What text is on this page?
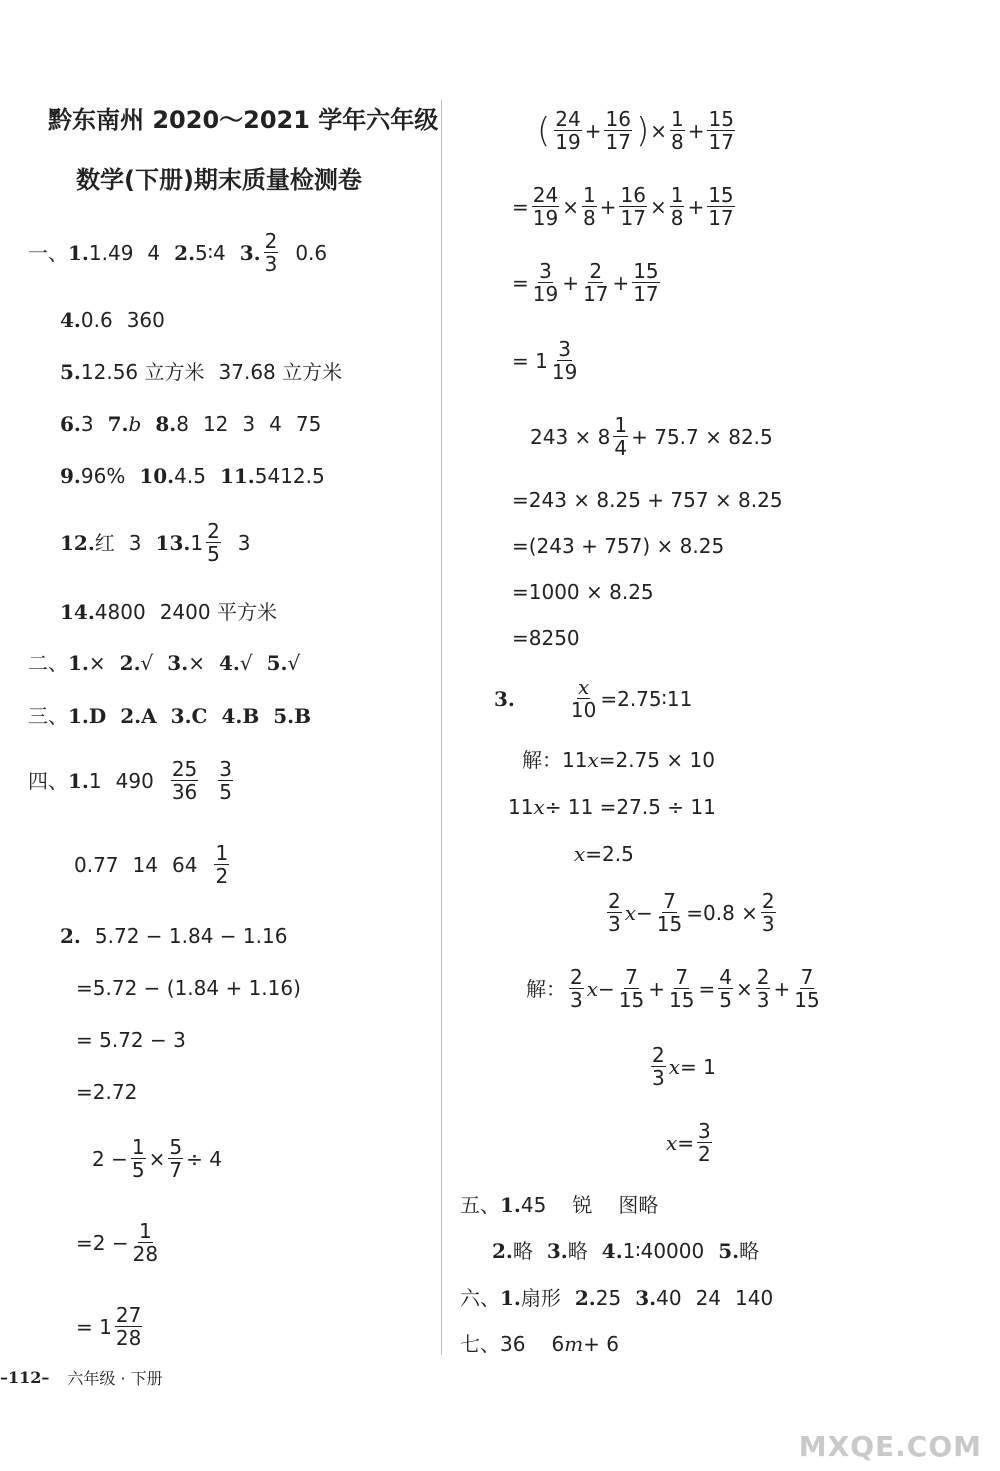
黔东南州 2020～2021 学年六年级
数学(下册)期末质量检测卷
一、 1. 1.49 4 2. 5∶4 3. $\frac{2}{3} 0.6$
4. 0.6 360
5. 12.56 立方米 37.68 立方米
6. 3 7. b 8. 8 12 3 4 75
9. 96% 10. 4.5 11. 5412.5
12. 红 3 13. $1 \frac{2}{5} 3$
14. 4800 2400 平方米
二、 1. × 2. √ 3. × 4. √ 5. √
三、 1. D 2. A 3. C 4. B 5. B
四、 1. 1 $490 \frac{25}{36} \frac{3}{5}$
0.77 14 $64 \frac{1}{2}$
2. 5.72 − 1.84 − 1.16
=5.72 − (1.84 + 1.16)
= 5.72 − 3
=2.72
$2 - \frac{1}{5} \times \frac{5}{7} \div 4$
$=2 - \frac{1}{28}$
= $1 \frac{27}{28}$
( $\frac{24}{19} + \frac{16}{17}$ ) × $\frac{1}{8} + \frac{15}{17}$
= $\frac{24}{19} \times \frac{1}{8} + \frac{16}{17} \times \frac{1}{8} + \frac{15}{17}$
= $\frac{3}{19} + \frac{2}{17} + \frac{15}{17}$
= $1 \frac{3}{19}$
$243 \times 8 \frac{1}{4} + 75.7 \times 82.5$
=243 × 8.25 + 757 × 8.25
=(243 + 757) × 8.25
=1000 × 8.25
=8250
3.	$\frac{x}{10}$ =2.75∶11
解：11 x =2.75 × 10
11 x ÷ 11 =27.5 ÷ 11
x =2.5
$\frac{2}{3}$ $x - \frac{7}{15} =0.8 \times \frac{2}{3}$
解： $\frac{2}{3}$ $x - \frac{7}{15} + \frac{7}{15} = \frac{4}{5} \times \frac{2}{3} + \frac{7}{15}$
$\frac{2}{3}$ x = 1
$x = \frac{3}{2}$
五、 1. 45 锐 图略
2. 略 3. 略 4. 1∶40000 5. 略
六、 1. 扇形 2. 25 3. 40 24 140
七、 36 6 m + 6
–112– 六年级 · 下册
MXQE.COM
